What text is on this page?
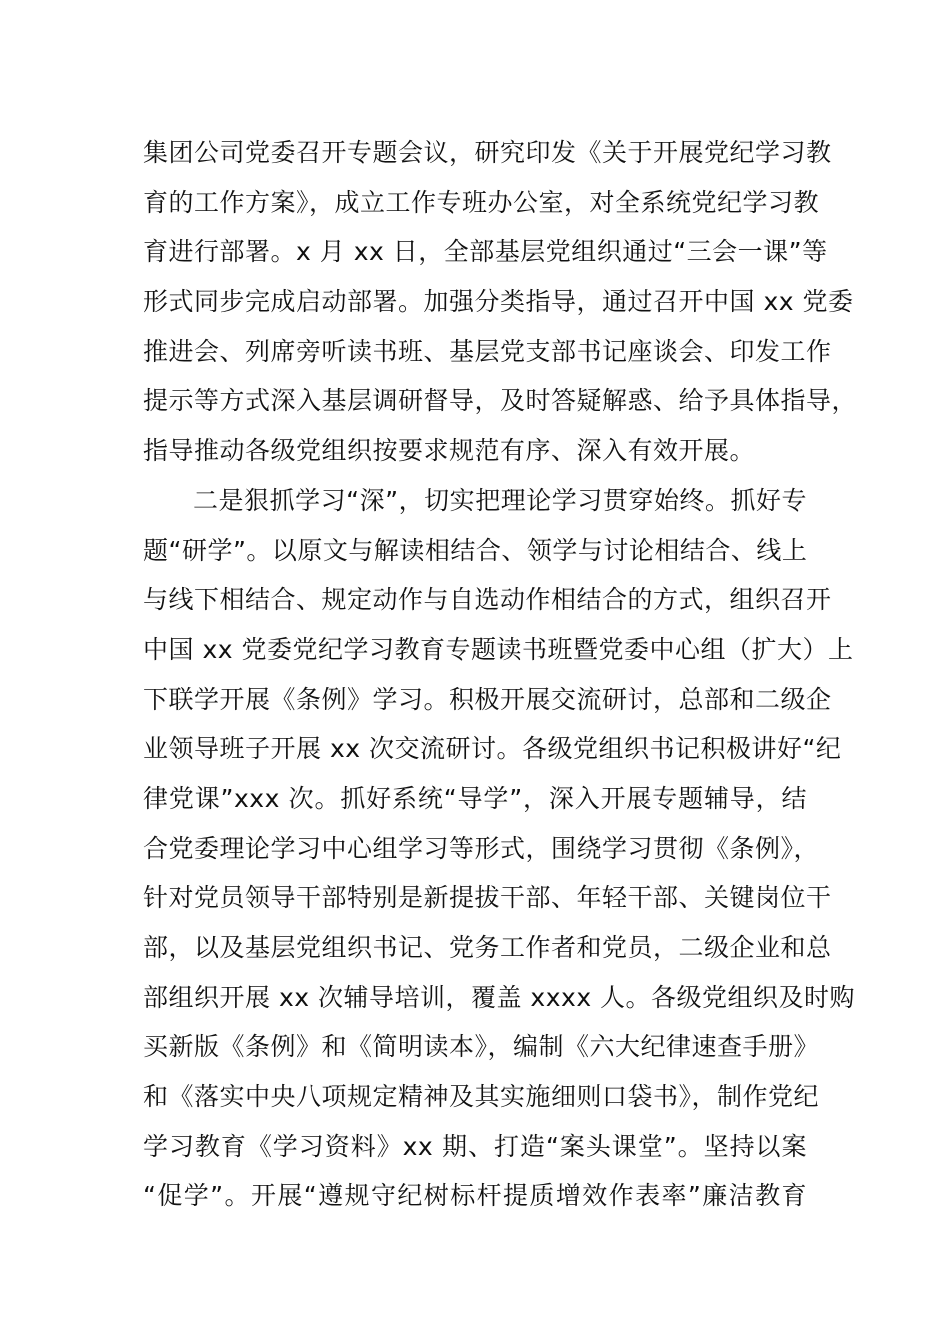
集团公司党委召开专题会议，研究印发《关于开展党纪学习教
育的工作方案》，成立工作专班办公室，对全系统党纪学习教
育进行部署。x 月 xx 日，全部基层党组织通过“三会一课”等
形式同步完成启动部署。加强分类指导，通过召开中国 xx 党委
推进会、列席旁听读书班、基层党支部书记座谈会、印发工作
提示等方式深入基层调研督导，及时答疑解惑、给予具体指导，
指导推动各级党组织按要求规范有序、深入有效开展。
二是狠抓学习“深”，切实把理论学习贯穿始终。抓好专
题“研学”。以原文与解读相结合、领学与讨论相结合、线上
与线下相结合、规定动作与自选动作相结合的方式，组织召开
中国 xx 党委党纪学习教育专题读书班暨党委中心组（扩大）上
下联学开展《条例》学习。积极开展交流研讨，总部和二级企
业领导班子开展 xx 次交流研讨。各级党组织书记积极讲好“纪
律党课”xxx 次。抓好系统“导学”，深入开展专题辅导，结
合党委理论学习中心组学习等形式，围绕学习贯彻《条例》，
针对党员领导干部特别是新提拔干部、年轻干部、关键岗位干
部，以及基层党组织书记、党务工作者和党员，二级企业和总
部组织开展 xx 次辅导培训，覆盖 xxxx 人。各级党组织及时购
买新版《条例》和《简明读本》，编制《六大纪律速查手册》
和《落实中央八项规定精神及其实施细则口袋书》，制作党纪
学习教育《学习资料》xx 期、打造“案头课堂”。坚持以案
“促学”。开展“遵规守纪树标杆提质增效作表率”廉洁教育
